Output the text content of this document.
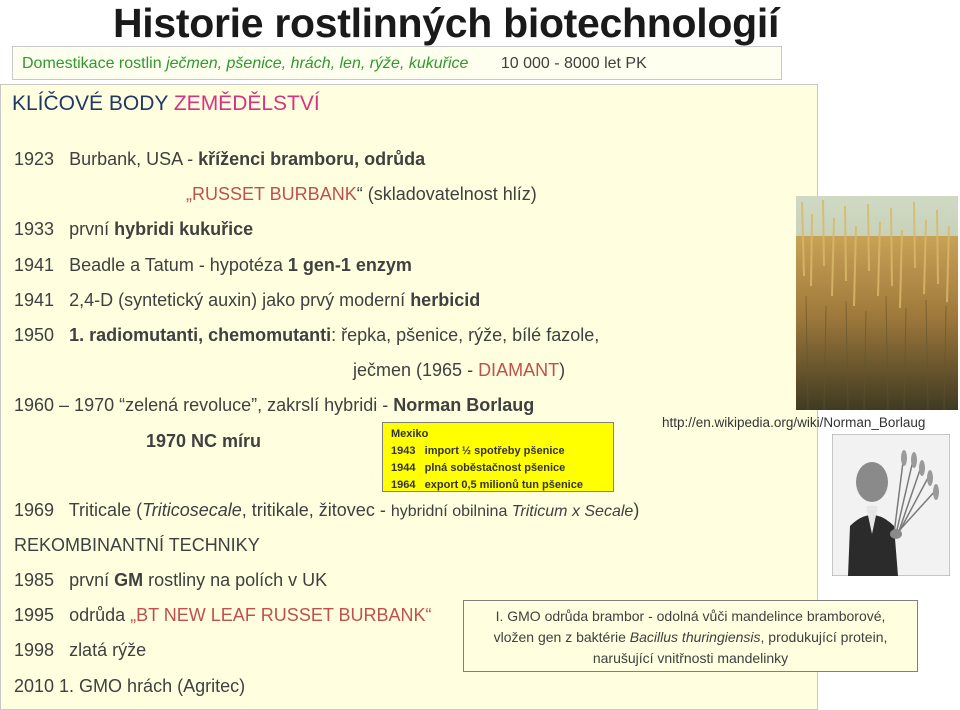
Historie rostlinných biotechnologií
Domestikace rostlin ječmen, pšenice, hrách, len, rýže, kukuřice 10 000 - 8000 let PK
KLÍČOVÉ BODY ZEMĚDĚLSTVÍ
1923 Burbank, USA - kříženci bramboru, odrůda
„RUSSET BURBANK“ (skladovatelnost hlíz)
1933 první hybridi kukuřice
1941 Beadle a Tatum - hypotéza 1 gen-1 enzym
1941 2,4-D (syntetický auxin) jako prvý moderní herbicid
1950 1. radiomutanti, chemomutanti: řepka, pšenice, rýže, bílé fazole,
ječmen (1965 - DIAMANT)
1960 – 1970 “zelená revoluce”, zakrslí hybridi - Norman Borlaug
1970 NC míru	Mexiko
1943 import ½ spotřeby pšenice
1944 plná soběstačnost pšenice
1964 export 0,5 milionů tun pšenice
1969 Triticale (Triticosecale, tritikale, žitovec - hybridní obilnina Triticum x Secale)
REKOMBINANTNÍ TECHNIKY
1985 první GM rostliny na polích v UK
1995 odrůda „BT NEW LEAF RUSSET BURBANK“
1998 zlatá rýže
2010 1. GMO hrách (Agritec)
http://en.wikipedia.org/wiki/Norman_Borlaug
I. GMO odrůda brambor - odolná vůči mandelince bramborové,
vložen gen z baktérie Bacillus thuringiensis, produkující protein,
narušující vnitřnosti mandelinky
